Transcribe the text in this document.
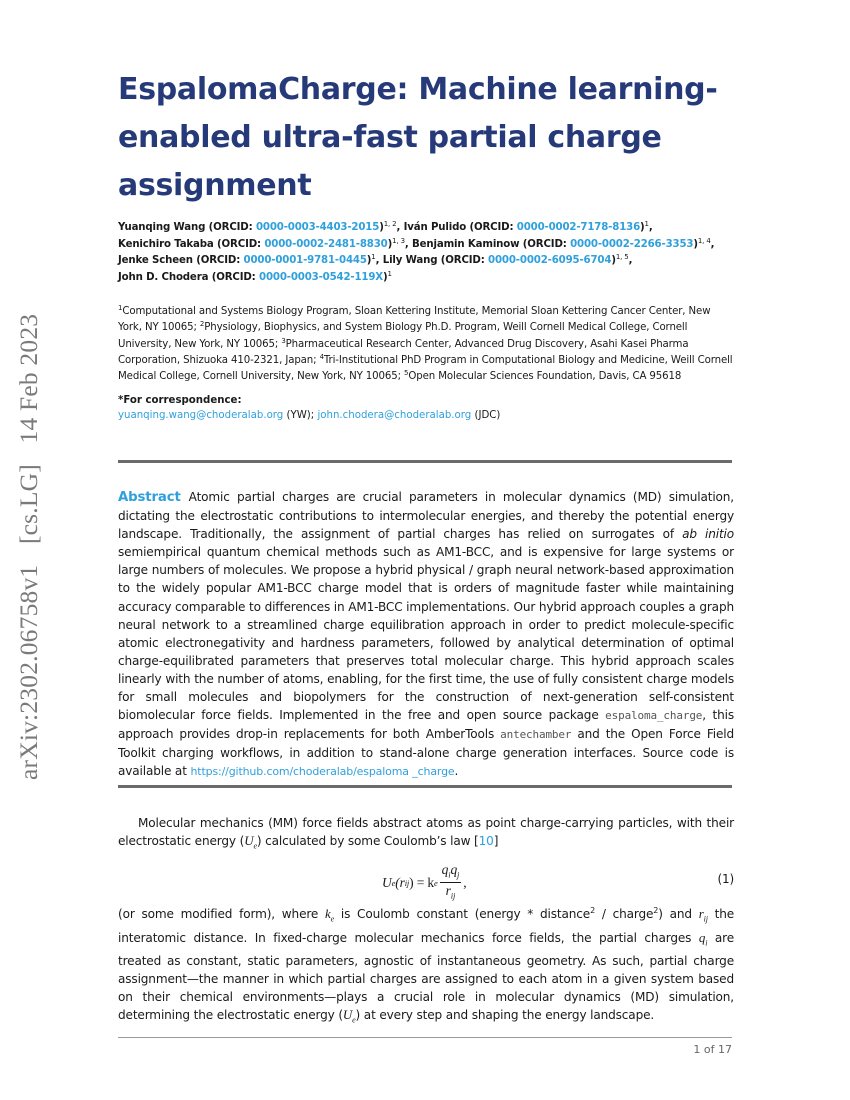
arXiv:2302.06758v1 [cs.LG] 14 Feb 2023
EspalomaCharge: Machine learning-enabled ultra-fast partial charge assignment
Yuanqing Wang (ORCID: 0000-0003-4403-2015)$^{1, 2}$, Iván Pulido (ORCID: 0000-0002-7178-8136)$^1$,
Kenichiro Takaba (ORCID: 0000-0002-2481-8830)$^{1, 3}$, Benjamin Kaminow (ORCID: 0000-0002-2266-3353)$^{1, 4}$,
Jenke Scheen (ORCID: 0000-0001-9781-0445)$^1$, Lily Wang (ORCID: 0000-0002-6095-6704)$^{1, 5}$,
John D. Chodera (ORCID: 0000-0003-0542-119X)$^1$
$^1$Computational and Systems Biology Program, Sloan Kettering Institute, Memorial Sloan Kettering Cancer Center, New York, NY 10065; $^2$Physiology, Biophysics, and System Biology Ph.D. Program, Weill Cornell Medical College, Cornell University, New York, NY 10065; $^3$Pharmaceutical Research Center, Advanced Drug Discovery, Asahi Kasei Pharma Corporation, Shizuoka 410-2321, Japan; $^4$Tri-Institutional PhD Program in Computational Biology and Medicine, Weill Cornell Medical College, Cornell University, New York, NY 10065; $^5$Open Molecular Sciences Foundation, Davis, CA 95618
*For correspondence:
yuanqing.wang@choderalab.org (YW); john.chodera@choderalab.org (JDC)
Abstract Atomic partial charges are crucial parameters in molecular dynamics (MD) simulation, dictating the electrostatic contributions to intermolecular energies, and thereby the potential energy landscape. Traditionally, the assignment of partial charges has relied on surrogates of ab initio semiempirical quantum chemical methods such as AM1-BCC, and is expensive for large systems or large numbers of molecules. We propose a hybrid physical / graph neural network-based approximation to the widely popular AM1-BCC charge model that is orders of magnitude faster while maintaining accuracy comparable to differences in AM1-BCC implementations. Our hybrid approach couples a graph neural network to a streamlined charge equilibration approach in order to predict molecule-specific atomic electronegativity and hardness parameters, followed by analytical determination of optimal charge-equilibrated parameters that preserves total molecular charge. This hybrid approach scales linearly with the number of atoms, enabling, for the first time, the use of fully consistent charge models for small molecules and biopolymers for the construction of next-generation self-consistent biomolecular force fields. Implemented in the free and open source package espaloma_charge, this approach provides drop-in replacements for both AmberTools antechamber and the Open Force Field Toolkit charging workflows, in addition to stand-alone charge generation interfaces. Source code is available at https://github.com/choderalab/espaloma _charge.

Molecular mechanics (MM) force fields abstract atoms as point charge-carrying particles, with their electrostatic energy $(U_e)$ calculated by some Coulomb’s law [10]

U e (r ij ) = k e $\frac{q_iq_j}{r_{ij}}$ ,	(1)

(or some modified form), where $k_e$ is Coulomb constant (energy * distance$^2$ / charge$^2$) and $r_{ij}$ the interatomic distance. In fixed-charge molecular mechanics force fields, the partial charges $q_i$ are treated as constant, static parameters, agnostic of instantaneous geometry. As such, partial charge assignment—the manner in which partial charges are assigned to each atom in a given system based on their chemical environments—plays a crucial role in molecular dynamics (MD) simulation, determining the electrostatic energy $(U_e)$ at every step and shaping the energy landscape.

1 of 17
